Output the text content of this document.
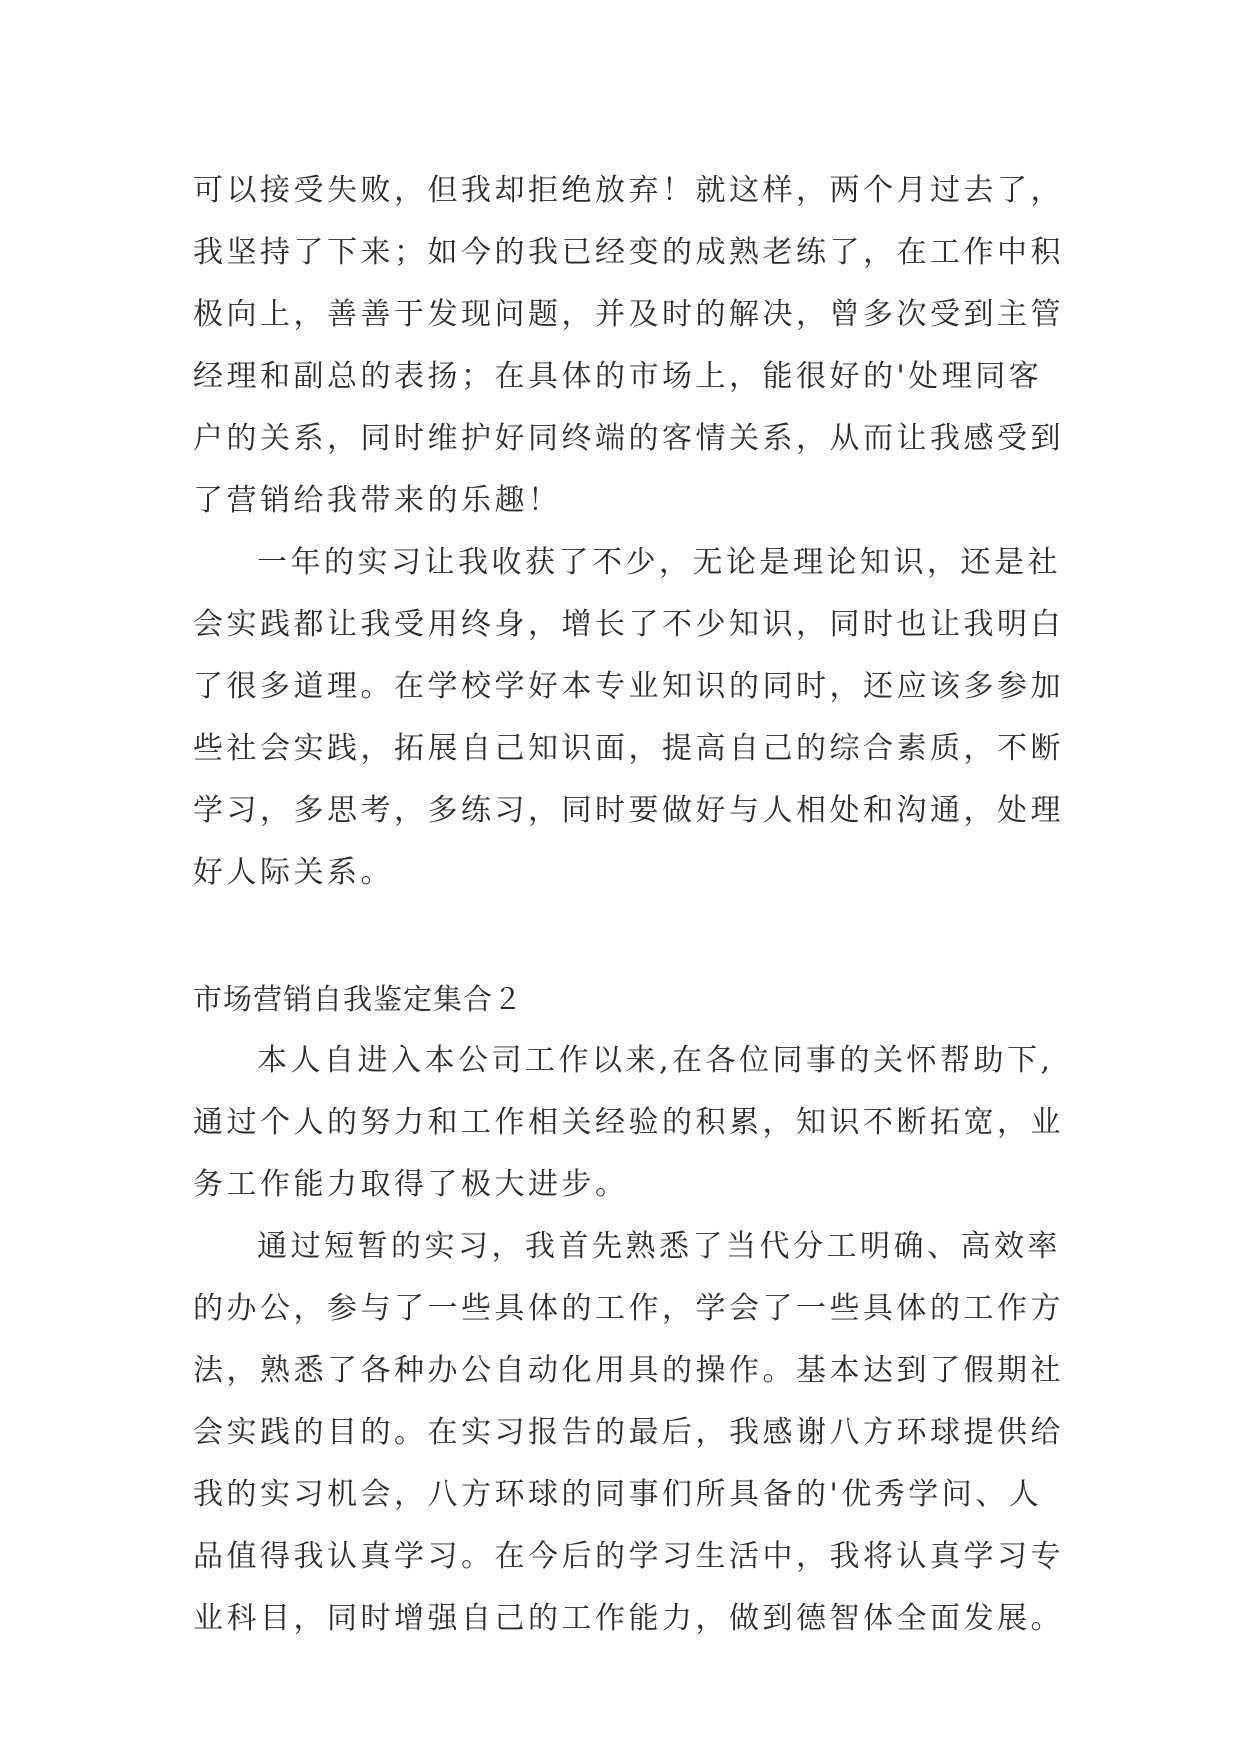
可以接受失败，但我却拒绝放弃！就这样，两个月过去了，
我坚持了下来；如今的我已经变的成熟老练了，在工作中积
极向上，善善于发现问题，并及时的解决，曾多次受到主管
经理和副总的表扬；在具体的市场上，能很好的'处理同客
户的关系，同时维护好同终端的客情关系，从而让我感受到
了营销给我带来的乐趣！
一年的实习让我收获了不少，无论是理论知识，还是社
会实践都让我受用终身，增长了不少知识，同时也让我明白
了很多道理。在学校学好本专业知识的同时，还应该多参加
些社会实践，拓展自己知识面，提高自己的综合素质，不断
学习，多思考，多练习，同时要做好与人相处和沟通，处理
好人际关系。
市场营销自我鉴定集合２
本人自进入本公司工作以来,在各位同事的关怀帮助下,
通过个人的努力和工作相关经验的积累，知识不断拓宽，业
务工作能力取得了极大进步。
通过短暂的实习，我首先熟悉了当代分工明确、高效率
的办公，参与了一些具体的工作，学会了一些具体的工作方
法，熟悉了各种办公自动化用具的操作。基本达到了假期社
会实践的目的。在实习报告的最后，我感谢八方环球提供给
我的实习机会，八方环球的同事们所具备的'优秀学问、人
品值得我认真学习。在今后的学习生活中，我将认真学习专
业科目，同时增强自己的工作能力，做到德智体全面发展。
